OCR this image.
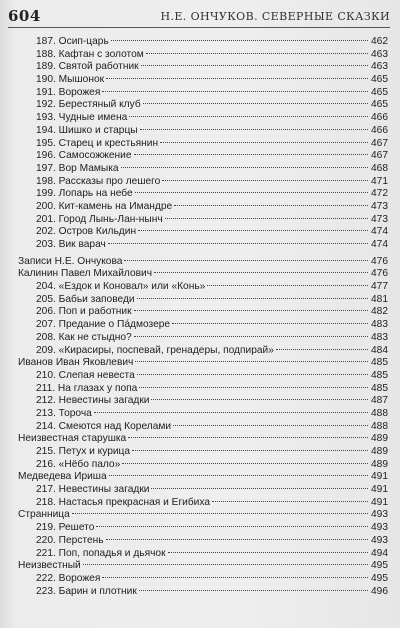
604	Н.Е. ОНЧУКОВ. СЕВЕРНЫЕ СКАЗКИ
187. Осип-царь	462
188. Кафтан с золотом	463
189. Святой работник	463
190. Мышонок	465
191. Ворожея	465
192. Берестяный клуб	465
193. Чудные имена	466
194. Шишко и старцы	466
195. Старец и крестьянин	467
196. Самосожжение	467
197. Вор Мамыка	468
198. Рассказы про лешего	471
199. Лопарь на небе	472
200. Кит-камень на Имандре	473
201. Город Лынь-Лан-нынч	473
202. Остров Кильдин	474
203. Вик варач	474
Записи Н.Е. Ончукова	476
Калинин Павел Михайлович	476
204. «Ездок и Коновал» или «Конь»	477
205. Бабьи заповеди	481
206. Поп и работник	482
207. Предание о Пáдмозере	483
208. Как не стыдно?	483
209. «Кирасиры, поспевай, гренадеры, подпирай»	484
Иванов Иван Яковлевич	485
210. Слепая невеста	485
211. На глазах у попа	485
212. Невестины загадки	487
213. Тороча	488
214. Смеются над Корелами	488
Неизвестная старушка	489
215. Петух и курица	489
216. «Нёбо пало»	489
Медведева Ириша	491
217. Невестины загадки	491
218. Настасья прекрасная и Егибиха	491
Странница	493
219. Решето	493
220. Перстень	493
221. Поп, попадья и дьячок	494
Неизвестный	495
222. Ворожея	495
223. Барин и плотник	496
